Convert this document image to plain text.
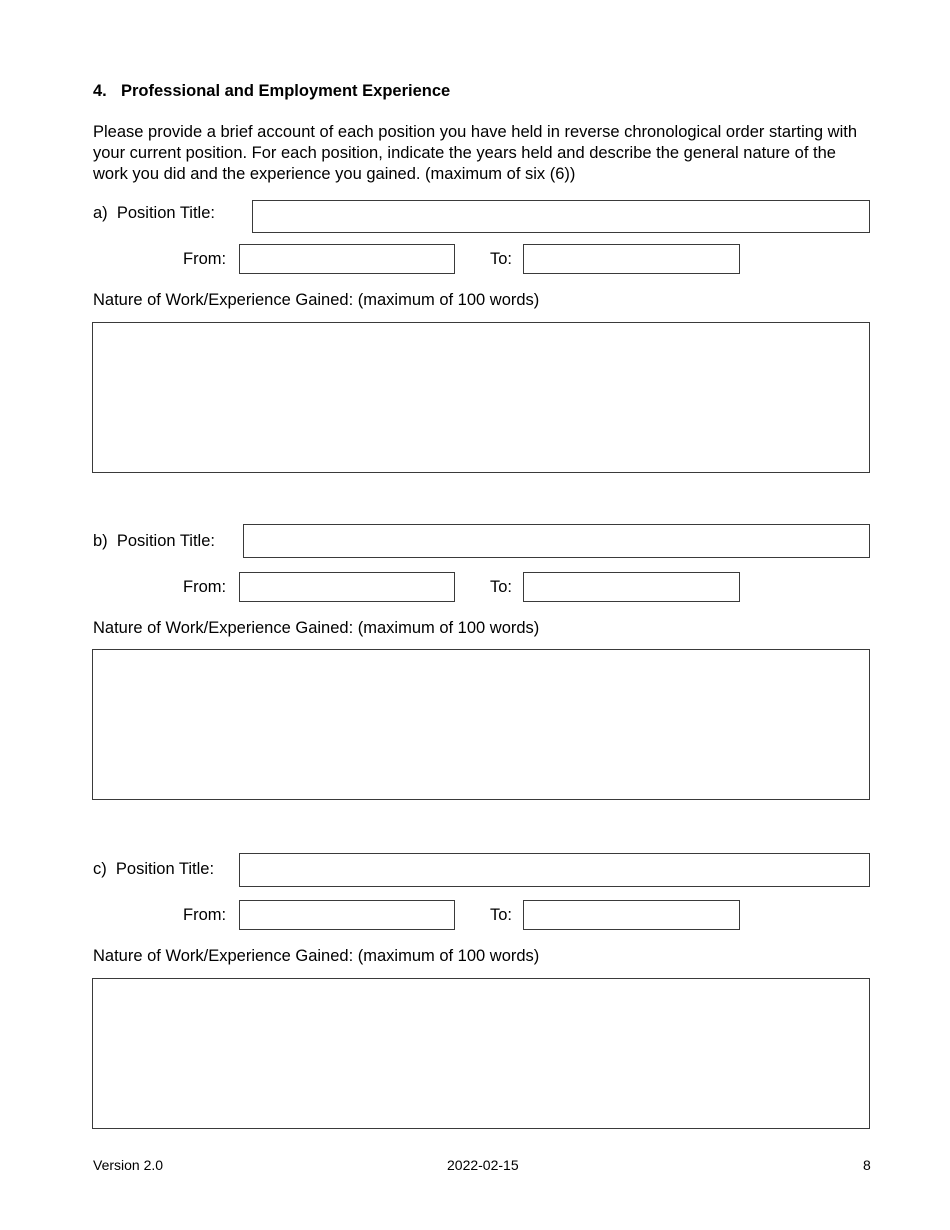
4. Professional and Employment Experience
Please provide a brief account of each position you have held in reverse chronological order starting with your current position. For each position, indicate the years held and describe the general nature of the work you did and the experience you gained. (maximum of six (6))
a) Position Title:
From:	To:
Nature of Work/Experience Gained: (maximum of 100 words)
b) Position Title:
From:	To:
Nature of Work/Experience Gained: (maximum of 100 words)
c) Position Title:
From:	To:
Nature of Work/Experience Gained: (maximum of 100 words)
Version 2.0	2022-02-15	8
